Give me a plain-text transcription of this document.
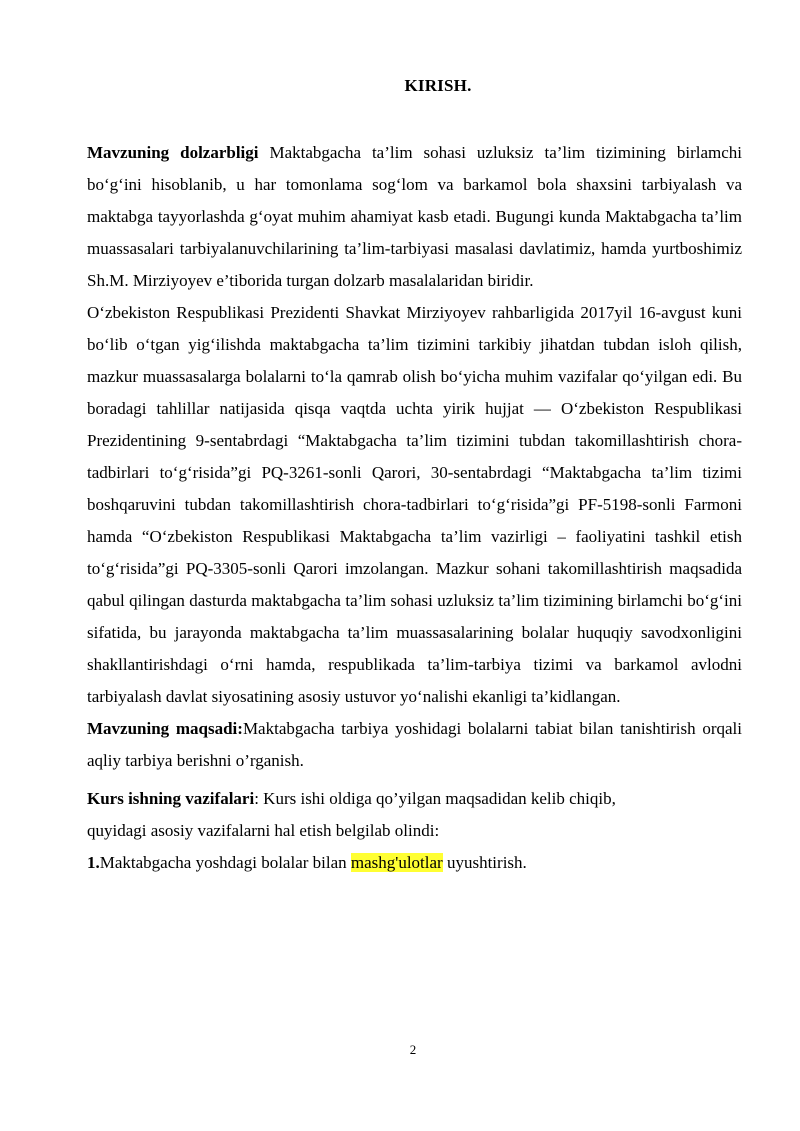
KIRISH.

Mavzuning dolzarbligi Maktabgacha ta’lim sohasi uzluksiz ta’lim tizimining birlamchi bo‘g‘ini hisoblanib, u har tomonlama sog‘lom va barkamol bola shaxsini tarbiyalash va maktabga tayyorlashda g‘oyat muhim ahamiyat kasb etadi. Bugungi kunda Maktabgacha ta’lim muassasalari tarbiyalanuvchilarining ta’lim-tarbiyasi masalasi davlatimiz, hamda yurtboshimiz Sh.M. Mirziyoyev e’tiborida turgan dolzarb masalalaridan biridir.

O‘zbekiston Respublikasi Prezidenti Shavkat Mirziyoyev rahbarligida 2017yil 16-avgust kuni bo‘lib o‘tgan yig‘ilishda maktabgacha ta’lim tizimini tarkibiy jihatdan tubdan isloh qilish, mazkur muassasalarga bolalarni to‘la qamrab olish bo‘yicha muhim vazifalar qo‘yilgan edi. Bu boradagi tahlillar natijasida qisqa vaqtda uchta yirik hujjat — O‘zbekiston Respublikasi Prezidentining 9-sentabrdagi “Maktabgacha ta’lim tizimini tubdan takomillashtirish chora-tadbirlari to‘g‘risida”gi PQ-3261-sonli Qarori, 30-sentabrdagi “Maktabgacha ta’lim tizimi boshqaruvini tubdan takomillashtirish chora-tadbirlari to‘g‘risida”gi PF-5198-sonli Farmoni hamda “O‘zbekiston Respublikasi Maktabgacha ta’lim vazirligi – faoliyatini tashkil etish to‘g‘risida”gi PQ-3305-sonli Qarori imzolangan. Mazkur sohani takomillashtirish maqsadida qabul qilingan dasturda maktabgacha ta’lim sohasi uzluksiz ta’lim tizimining birlamchi bo‘g‘ini sifatida, bu jarayonda maktabgacha ta’lim muassasalarining bolalar huquqiy savodxonligini shakllantirishdagi o‘rni hamda, respublikada ta’lim-tarbiya tizimi va barkamol avlodni tarbiyalash davlat siyosatining asosiy ustuvor yo‘nalishi ekanligi ta’kidlangan.

Mavzuning maqsadi:Maktabgacha tarbiya yoshidagi bolalarni tabiat bilan tanishtirish orqali aqliy tarbiya berishni o’rganish.

Kurs ishning vazifalari: Kurs ishi oldiga qo’yilgan maqsadidan kelib chiqib,
quyidagi asosiy vazifalarni hal etish belgilab olindi:

1.Maktabgacha yoshdagi bolalar bilan mashg'ulotlar uyushtirish.

2
